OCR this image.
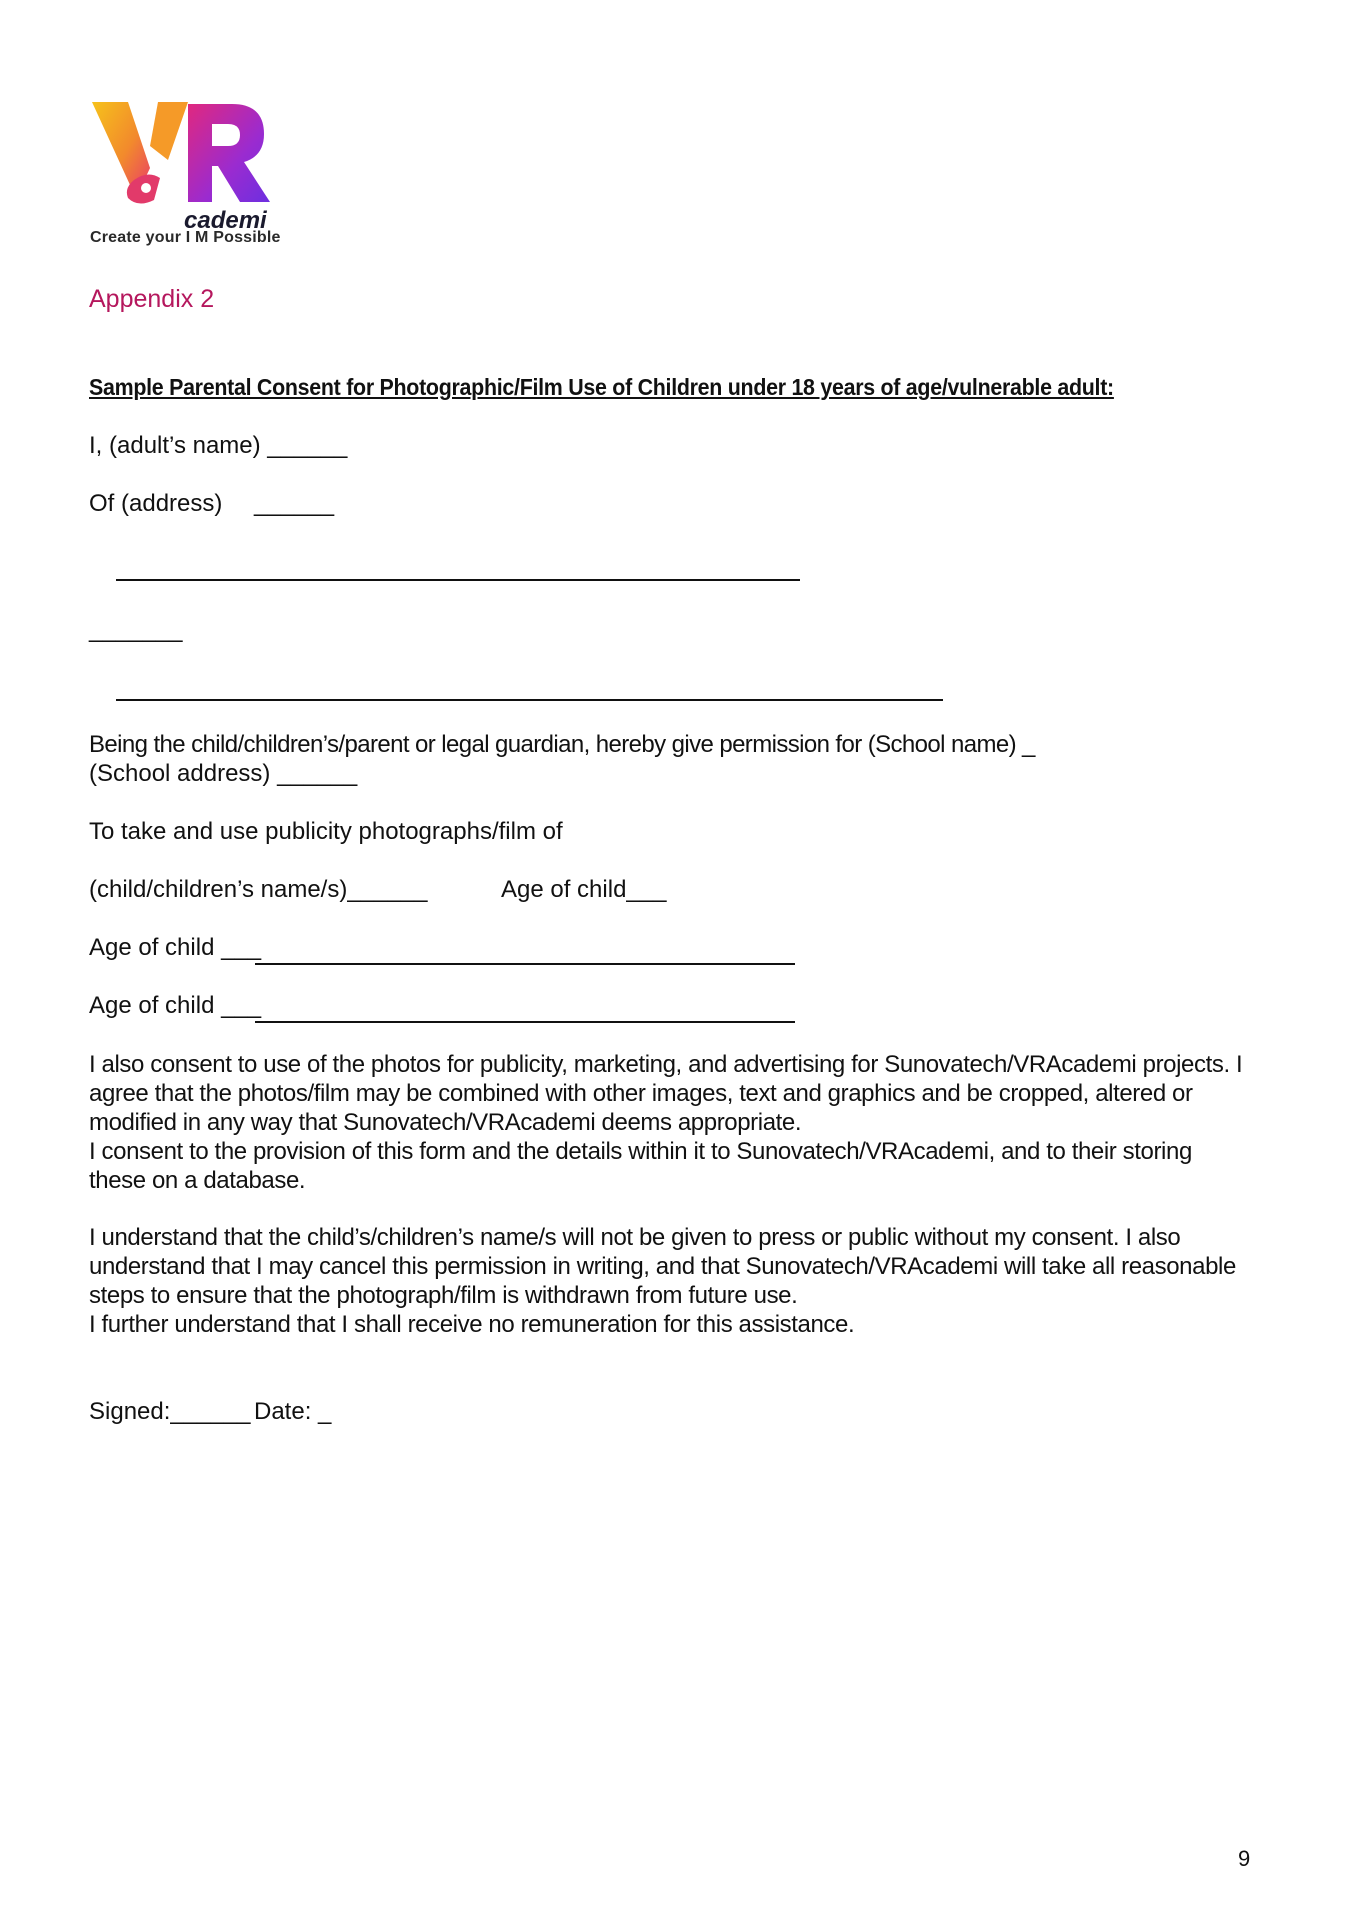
cademi
Create your I M Possible
Appendix 2
Sample Parental Consent for Photographic/Film Use of Children under 18 years of age/vulnerable adult:
I, (adult’s name) ______
Of (address) ______
_______
Being the child/children’s/parent or legal guardian, hereby give permission for (School name) _
(School address) ______
To take and use publicity photographs/film of
(child/children’s name/s)______	Age of child___
Age of child ___
Age of child ___

I also consent to use of the photos for publicity, marketing, and advertising for Sunovatech/VRAcademi projects. I

agree that the photos/film may be combined with other images, text and graphics and be cropped, altered or

modified in any way that Sunovatech/VRAcademi deems appropriate.

I consent to the provision of this form and the details within it to Sunovatech/VRAcademi, and to their storing

these on a database.

I understand that the child’s/children’s name/s will not be given to press or public without my consent. I also

understand that I may cancel this permission in writing, and that Sunovatech/VRAcademi will take all reasonable

steps to ensure that the photograph/film is withdrawn from future use.

I further understand that I shall receive no remuneration for this assistance.

Signed:______ Date: _
9
